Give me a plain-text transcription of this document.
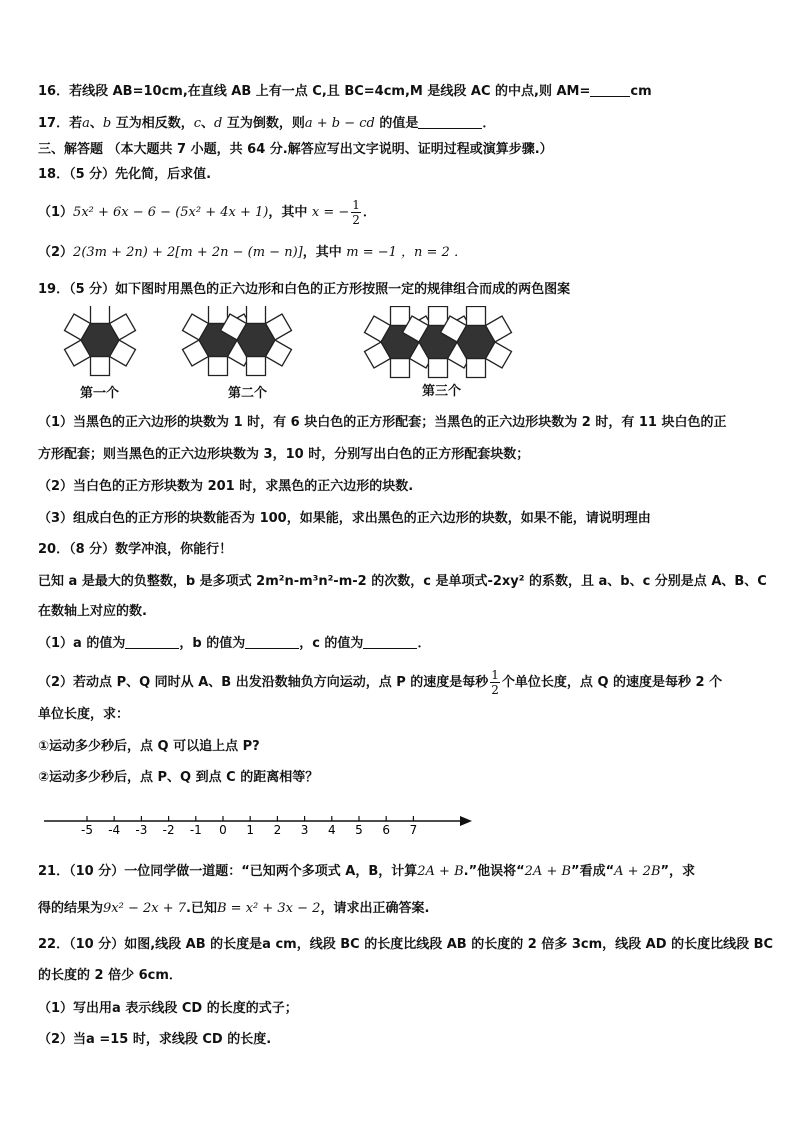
16．若线段 AB=10cm,在直线 AB 上有一点 C,且 BC=4cm,M 是线段 AC 的中点,则 AM=	cm
17．若a、b 互为相反数，c、d 互为倒数，则a + b − cd 的值是	．
三、解答题 （本大题共 7 小题，共 64 分.解答应写出文字说明、证明过程或演算步骤.）
18．（5 分）先化简，后求值.
（1）5x² + 6x − 6 − (5x² + 4x + 1)，其中 x = − $\frac{1}{2}$ ．
（2）2(3m + 2n) + 2[m + 2n − (m − n)]，其中 m = −1 ，n = 2 ．
19．（5 分）如下图时用黑色的正六边形和白色的正方形按照一定的规律组合而成的两色图案
第一个	第二个	第三个
（1）当黑色的正六边形的块数为 1 时，有 6 块白色的正方形配套；当黑色的正六边形块数为 2 时，有 11 块白色的正
方形配套；则当黑色的正六边形块数为 3，10 时，分别写出白色的正方形配套块数；
（2）当白色的正方形块数为 201 时，求黑色的正六边形的块数.
（3）组成白色的正方形的块数能否为 100，如果能，求出黑色的正六边形的块数，如果不能，请说明理由
20．（8 分）数学冲浪，你能行！
已知 a 是最大的负整数，b 是多项式 2m²n-m³n²-m-2 的次数，c 是单项式-2xy² 的系数，且 a、b、c 分别是点 A、B、C
在数轴上对应的数.
（1）a 的值为	，b 的值为	，c 的值为	．
（2）若动点 P、Q 同时从 A、B 出发沿数轴负方向运动，点 P 的速度是每秒 $\frac{1}{2}$ 个单位长度，点 Q 的速度是每秒 2 个
单位长度，求：
①运动多少秒后，点 Q 可以追上点 P?
②运动多少秒后，点 P、Q 到点 C 的距离相等？
-5 -4 -3 -2 -1 0 1 2 3 4 5 6 7
21．（10 分）一位同学做一道题：“已知两个多项式 A，B，计算2A + B.”他误将“2A + B”看成“A + 2B”，求
得的结果为9x² − 2x + 7.已知B = x² + 3x − 2，请求出正确答案.
22．（10 分）如图,线段 AB 的长度是a cm，线段 BC 的长度比线段 AB 的长度的 2 倍多 3cm，线段 AD 的长度比线段 BC
的长度的 2 倍少 6cm．
（1）写出用a 表示线段 CD 的长度的式子；
（2）当a =15 时，求线段 CD 的长度.
